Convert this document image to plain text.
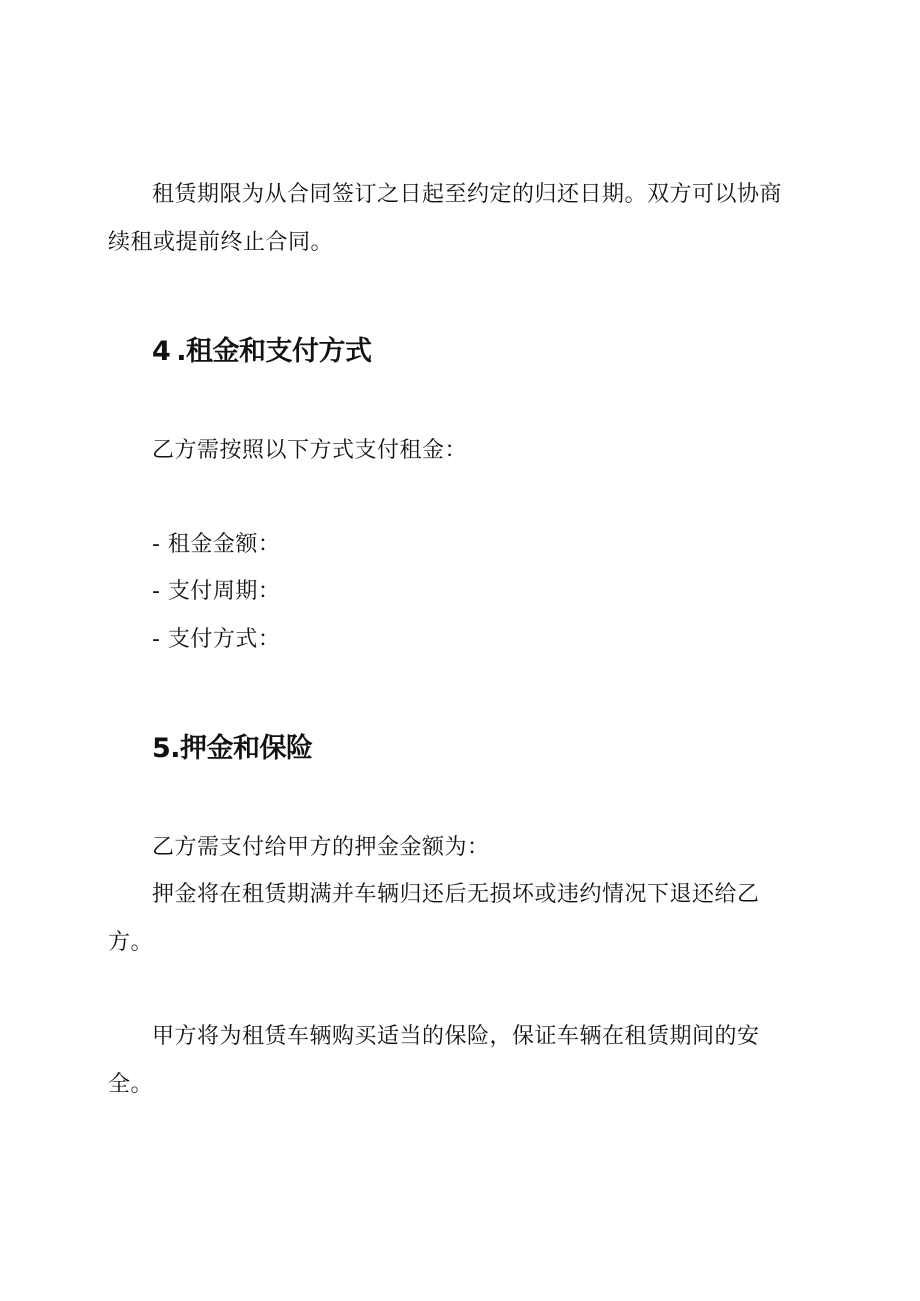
租赁期限为从合同签订之日起至约定的归还日期。双方可以协商
续租或提前终止合同。
4 .租金和支付方式
乙方需按照以下方式支付租金：
- 租金金额：
- 支付周期：
- 支付方式：
5.押金和保险
乙方需支付给甲方的押金金额为：
押金将在租赁期满并车辆归还后无损坏或违约情况下退还给乙
方。
甲方将为租赁车辆购买适当的保险，保证车辆在租赁期间的安
全。
